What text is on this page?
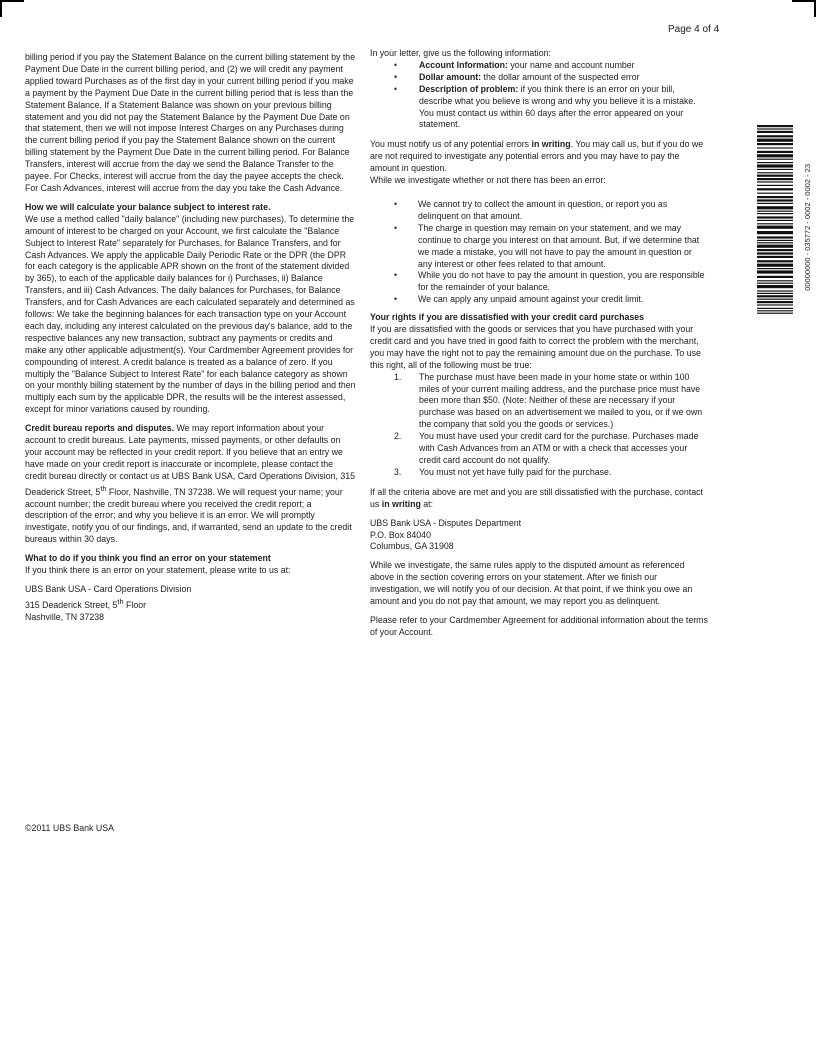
Page 4 of 4

billing period if you pay the Statement Balance on the current billing statement by the Payment Due Date in the current billing period, and (2) we will credit any payment applied toward Purchases as of the first day in your current billing period if you make a payment by the Payment Due Date in the current billing period that is less than the Statement Balance. If a Statement Balance was shown on your previous billing statement and you did not pay the Statement Balance by the Payment Due Date on that statement, then we will not impose Interest Charges on any Purchases during the current billing period if you pay the Statement Balance shown on the current billing statement by the Payment Due Date in the current billing period. For Balance Transfers, interest will accrue from the day we send the Balance Transfer to the payee. For Checks, interest will accrue from the day the payee accepts the check. For Cash Advances, interest will accrue from the day you take the Cash Advance.

How we will calculate your balance subject to interest rate.

We use a method called "daily balance" (including new purchases). To determine the amount of interest to be charged on your Account, we first calculate the "Balance Subject to Interest Rate" separately for Purchases, for Balance Transfers, and for Cash Advances. We apply the applicable Daily Periodic Rate or the DPR (the DPR for each category is the applicable APR shown on the front of the statement divided by 365), to each of the applicable daily balances for i) Purchases, ii) Balance Transfers, and iii) Cash Advances. The daily balances for Purchases, for Balance Transfers, and for Cash Advances are each calculated separately and determined as follows: We take the beginning balances for each transaction type on your Account each day, including any interest calculated on the previous day's balance, add to the respective balances any new transaction, subtract any payments or credits and make any other applicable adjustment(s). Your Cardmember Agreement provides for compounding of interest. A credit balance is treated as a balance of zero. If you multiply the "Balance Subject to Interest Rate" for each balance category as shown on your monthly billing statement by the number of days in the billing period and then multiply each sum by the applicable DPR, the results will be the interest assessed, except for minor variations caused by rounding.

Credit bureau reports and disputes. We may report information about your account to credit bureaus. Late payments, missed payments, or other defaults on your account may be reflected in your credit report. If you believe that an entry we have made on your credit report is inaccurate or incomplete, please contact the credit bureau directly or contact us at UBS Bank USA, Card Operations Division, 315 Deaderick Street, 5th Floor, Nashville, TN 37238. We will request your name; your account number; the credit bureau where you received the credit report; a description of the error; and why you believe it is an error. We will promptly investigate, notify you of our findings, and, if warranted, send an update to the credit bureaus within 30 days.

What to do if you think you find an error on your statement

If you think there is an error on your statement, please write to us at:

UBS Bank USA - Card Operations Division
315 Deaderick Street, 5th Floor
Nashville, TN 37238
In your letter, give us the following information:
• Account Information: your name and account number
• Dollar amount: the dollar amount of the suspected error
• Description of problem: if you think there is an error on your bill, describe what you believe is wrong and why you believe it is a mistake. You must contact us within 60 days after the error appeared on your statement.
You must notify us of any potential errors in writing. You may call us, but if you do we are not required to investigate any potential errors and you may have to pay the amount in question.
While we investigate whether or not there has been an error:
• We cannot try to collect the amount in question, or report you as delinquent on that amount.
• The charge in question may remain on your statement, and we may continue to charge you interest on that amount. But, if we determine that we made a mistake, you will not have to pay the amount in question or any interest or other fees related to that amount.
• While you do not have to pay the amount in question, you are responsible for the remainder of your balance.
• We can apply any unpaid amount against your credit limit.
Your rights if you are dissatisfied with your credit card purchases
If you are dissatisfied with the goods or services that you have purchased with your credit card and you have tried in good faith to correct the problem with the merchant, you may have the right not to pay the remaining amount due on the purchase. To use this right, all of the following must be true:
1. The purchase must have been made in your home state or within 100 miles of your current mailing address, and the purchase price must have been more than $50. (Note: Neither of these are necessary if your purchase was based on an advertisement we mailed to you, or if we own the company that sold you the goods or services.)
2. You must have used your credit card for the purchase. Purchases made with Cash Advances from an ATM or with a check that accesses your credit card account do not qualify.
3. You must not yet have fully paid for the purchase.

If all the criteria above are met and you are still dissatisfied with the purchase, contact us in writing at:

UBS Bank USA - Disputes Department
P.O. Box 84040
Columbus, GA 31908

While we investigate, the same rules apply to the disputed amount as referenced above in the section covering errors on your statement. After we finish our investigation, we will notify you of our decision. At that point, if we think you owe an amount and you do not pay that amount, we may report you as delinquent.

Please refer to your Cardmember Agreement for additional information about the terms of your Account.

00000000 - 035772 - 0002 - 0002 - 23
©2011 UBS Bank USA
